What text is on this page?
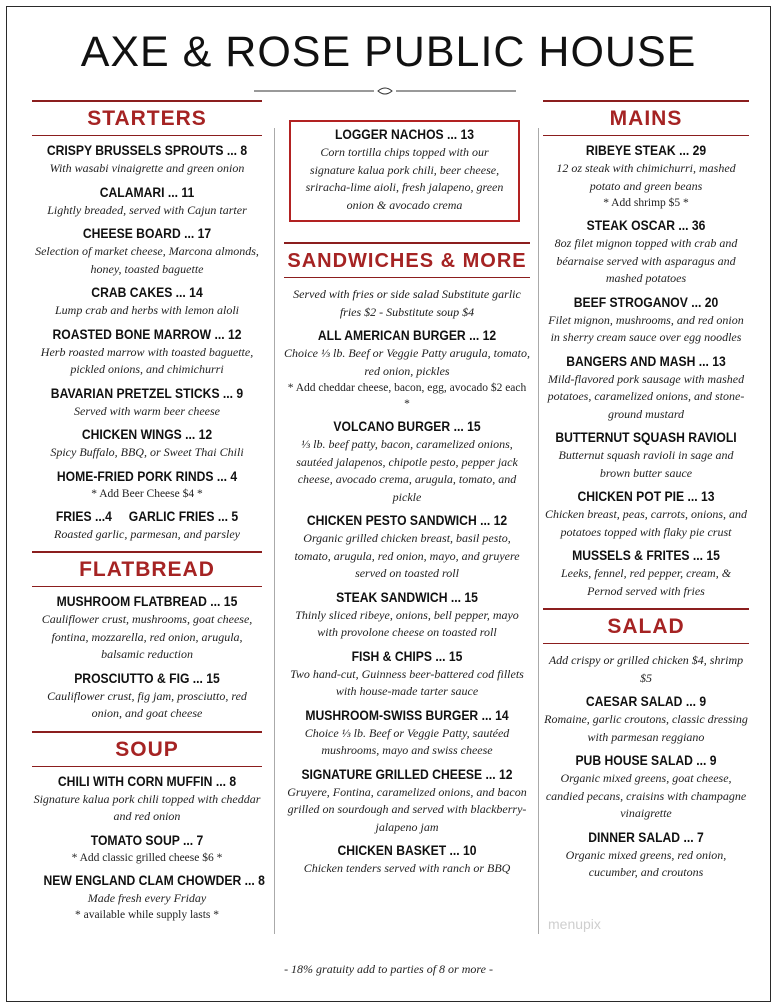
AXE & ROSE PUBLIC HOUSE
STARTERS
CRISPY BRUSSELS SPROUTS ... 8
With wasabi vinaigrette and green onion
CALAMARI ... 11
Lightly breaded, served with Cajun tarter
CHEESE BOARD ... 17
Selection of market cheese, Marcona almonds, honey, toasted baguette
CRAB CAKES ... 14
Lump crab and herbs with lemon aloli
ROASTED BONE MARROW ... 12
Herb roasted marrow with toasted baguette, pickled onions, and chimichurri
BAVARIAN PRETZEL STICKS ... 9
Served with warm beer cheese
CHICKEN WINGS ... 12
Spicy Buffalo, BBQ, or Sweet Thai Chili
HOME-FRIED PORK RINDS ... 4
* Add Beer Cheese $4 *
FRIES ...4     GARLIC FRIES ... 5
Roasted garlic, parmesan, and parsley
FLATBREAD
MUSHROOM FLATBREAD ... 15
Cauliflower crust, mushrooms, goat cheese, fontina, mozzarella, red onion, arugula, balsamic reduction
PROSCIUTTO & FIG ... 15
Cauliflower crust, fig jam, prosciutto, red onion, and goat cheese
SOUP
CHILI WITH CORN MUFFIN ... 8
Signature kalua pork chili topped with cheddar and red onion
TOMATO SOUP ... 7
* Add classic grilled cheese $6 *
NEW ENGLAND CLAM CHOWDER ... 8
Made fresh every Friday
* available while supply lasts *
LOGGER NACHOS ... 13
Corn tortilla chips topped with our signature kalua pork chili, beer cheese, sriracha-lime aioli, fresh jalapeno, green onion & avocado crema
SANDWICHES & MORE
Served with fries or side salad Substitute garlic fries $2 - Substitute soup $4
ALL AMERICAN BURGER ... 12
Choice ⅓ lb. Beef or Veggie Patty arugula, tomato, red onion, pickles
* Add cheddar cheese, bacon, egg, avocado $2 each *
VOLCANO BURGER ... 15
⅓ lb. beef patty, bacon, caramelized onions, sautéed jalapenos, chipotle pesto, pepper jack cheese, avocado crema, arugula, tomato, and pickle
CHICKEN PESTO SANDWICH ... 12
Organic grilled chicken breast, basil pesto, tomato, arugula, red onion, mayo, and gruyere served on toasted roll
STEAK SANDWICH ... 15
Thinly sliced ribeye, onions, bell pepper, mayo with provolone cheese on toasted roll
FISH & CHIPS ... 15
Two hand-cut, Guinness beer-battered cod fillets with house-made tarter sauce
MUSHROOM-SWISS BURGER ... 14
Choice ⅓ lb. Beef or Veggie Patty, sautéed mushrooms, mayo and swiss cheese
SIGNATURE GRILLED CHEESE ... 12
Gruyere, Fontina, caramelized onions, and bacon grilled on sourdough and served with blackberry-jalapeno jam
CHICKEN BASKET ... 10
Chicken tenders served with ranch or BBQ
MAINS
RIBEYE STEAK ... 29
12 oz steak with chimichurri, mashed potato and green beans
* Add shrimp $5 *
STEAK OSCAR ... 36
8oz filet mignon topped with crab and béarnaise served with asparagus and mashed potatoes
BEEF STROGANOV ... 20
Filet mignon, mushrooms, and red onion in sherry cream sauce over egg noodles
BANGERS AND MASH ... 13
Mild-flavored pork sausage with mashed potatoes, caramelized onions, and stone-ground mustard
BUTTERNUT SQUASH RAVIOLI
Butternut squash ravioli in sage and brown butter sauce
CHICKEN POT PIE ... 13
Chicken breast, peas, carrots, onions, and potatoes topped with flaky pie crust
MUSSELS & FRITES ... 15
Leeks, fennel, red pepper, cream, & Pernod served with fries
SALAD
Add crispy or grilled chicken $4, shrimp $5
CAESAR SALAD ... 9
Romaine, garlic croutons, classic dressing with parmesan reggiano
PUB HOUSE SALAD ... 9
Organic mixed greens, goat cheese, candied pecans, craisins with champagne vinaigrette
DINNER SALAD ... 7
Organic mixed greens, red onion, cucumber, and croutons
menupix
- 18% gratuity add to parties of 8 or more -
